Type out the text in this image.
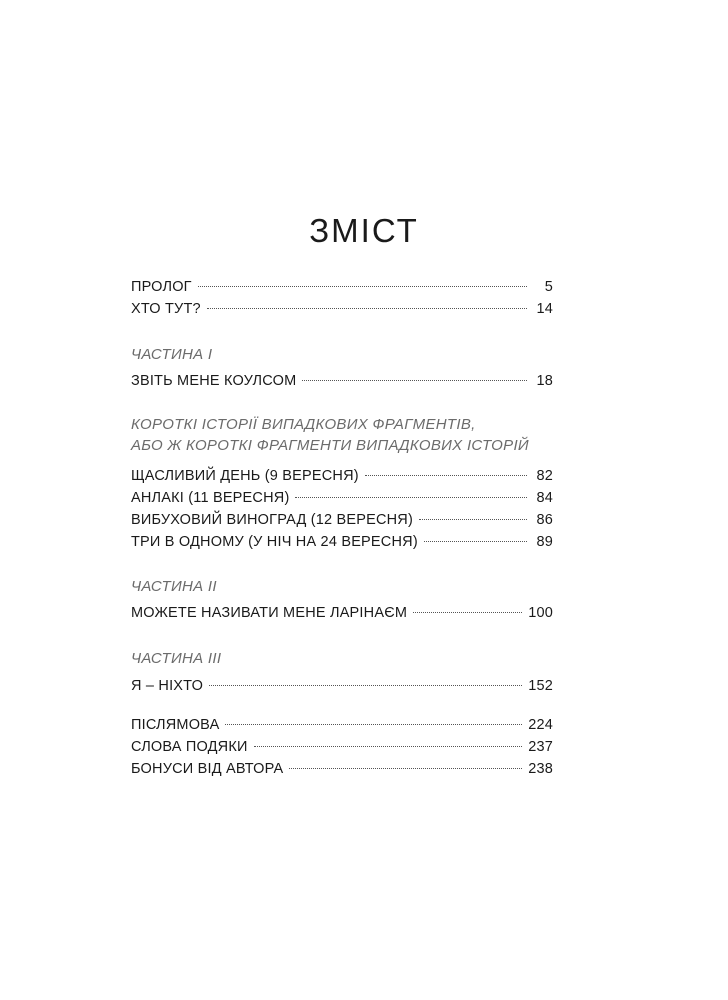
ЗМІСТ
ПРОЛОГ	5
ХТО ТУТ?	14
ЧАСТИНА I
ЗВІТЬ МЕНЕ КОУЛСОМ	18
КОРОТКІ ІСТОРІЇ ВИПАДКОВИХ ФРАГМЕНТІВ,
АБО Ж КОРОТКІ ФРАГМЕНТИ ВИПАДКОВИХ ІСТОРІЙ
ЩАСЛИВИЙ ДЕНЬ (9 ВЕРЕСНЯ)	82
АНЛАКІ (11 ВЕРЕСНЯ)	84
ВИБУХОВИЙ ВИНОГРАД (12 ВЕРЕСНЯ)	86
ТРИ В ОДНОМУ (У НІЧ НА 24 ВЕРЕСНЯ)	89
ЧАСТИНА II
МОЖЕТЕ НАЗИВАТИ МЕНЕ ЛАРІНАЄМ	100
ЧАСТИНА III
Я – НІХТО	152
ПІСЛЯМОВА	224
СЛОВА ПОДЯКИ	237
БОНУСИ ВІД АВТОРА	238
